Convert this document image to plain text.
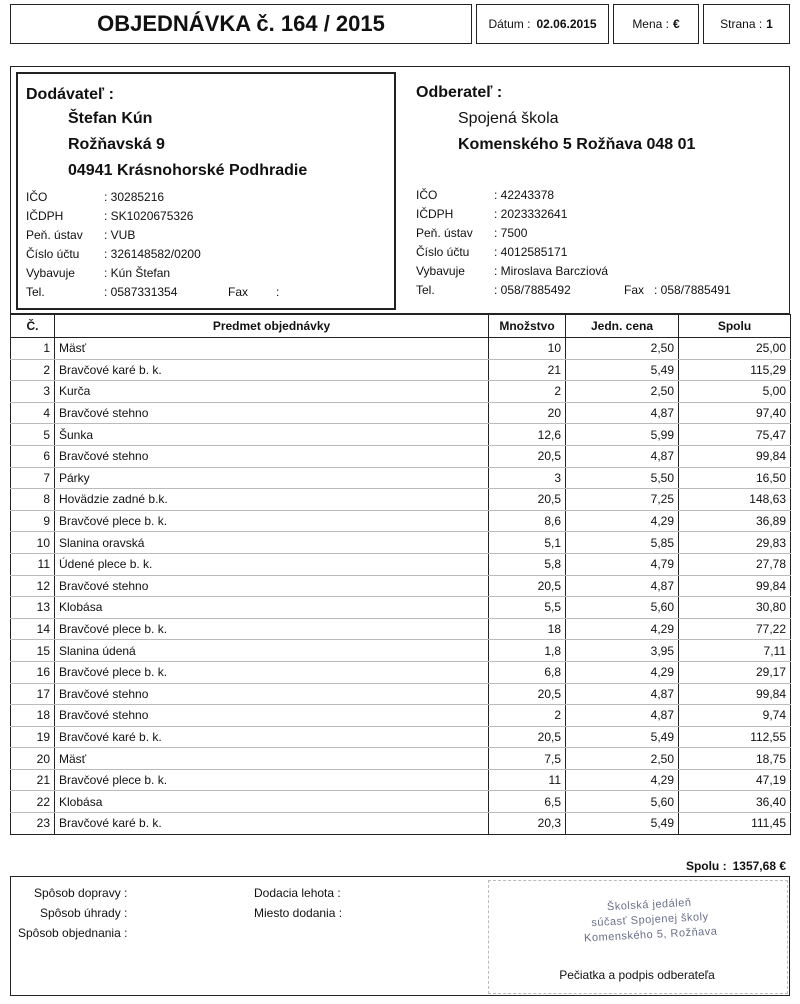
OBJEDNÁVKA č. 164 / 2015	Dátum : 02.06.2015	Mena : €	Strana : 1
Dodávateľ :
Štefan Kún
Rožňavská 9
04941 Krásnohorské Podhradie
IČO	: 30285216
IČDPH	: SK1020675326
Peň. ústav : VUB
Číslo účtu : 326148582/0200
Vybavuje : Kún Štefan
Tel.	: 0587331354	Fax :
Odberateľ :
Spojená škola
Komenského 5 Rožňava 048 01
IČO	: 42243378
IČDPH	: 2023332641
Peň. ústav : 7500
Číslo účtu : 4012585171
Vybavuje : Miroslava Barcziová
Tel.	: 058/7885492	Fax : 058/7885491
Č.	Predmet objednávky	Množstvo	Jedn. cena	Spolu
1	Mäsť	10	2,50	25,00
2	Bravčové karé b. k.	21	5,49	115,29
3	Kurča	2	2,50	5,00
4	Bravčové stehno	20	4,87	97,40
5	Šunka	12,6	5,99	75,47
6	Bravčové stehno	20,5	4,87	99,84
7	Párky	3	5,50	16,50
8	Hovädzie zadné b.k.	20,5	7,25	148,63
9	Bravčové plece b. k.	8,6	4,29	36,89
10	Slanina oravská	5,1	5,85	29,83
11	Údené plece b. k.	5,8	4,79	27,78
12	Bravčové stehno	20,5	4,87	99,84
13	Klobása	5,5	5,60	30,80
14	Bravčové plece b. k.	18	4,29	77,22
15	Slanina údená	1,8	3,95	7,11
16	Bravčové plece b. k.	6,8	4,29	29,17
17	Bravčové stehno	20,5	4,87	99,84
18	Bravčové stehno	2	4,87	9,74
19	Bravčové karé b. k.	20,5	5,49	112,55
20	Mäsť	7,5	2,50	18,75
21	Bravčové plece b. k.	11	4,29	47,19
22	Klobása	6,5	5,60	36,40
23	Bravčové karé b. k.	20,3	5,49	111,45
Spolu : 1357,68 €
Spôsob dopravy :
Spôsob úhrady :
Spôsob objednania :
Dodacia lehota :
Miesto dodania :	Školská jedáleň
súčasť Spojenej školy
Komenského 5, Rožňava
Pečiatka a podpis odberateľa
